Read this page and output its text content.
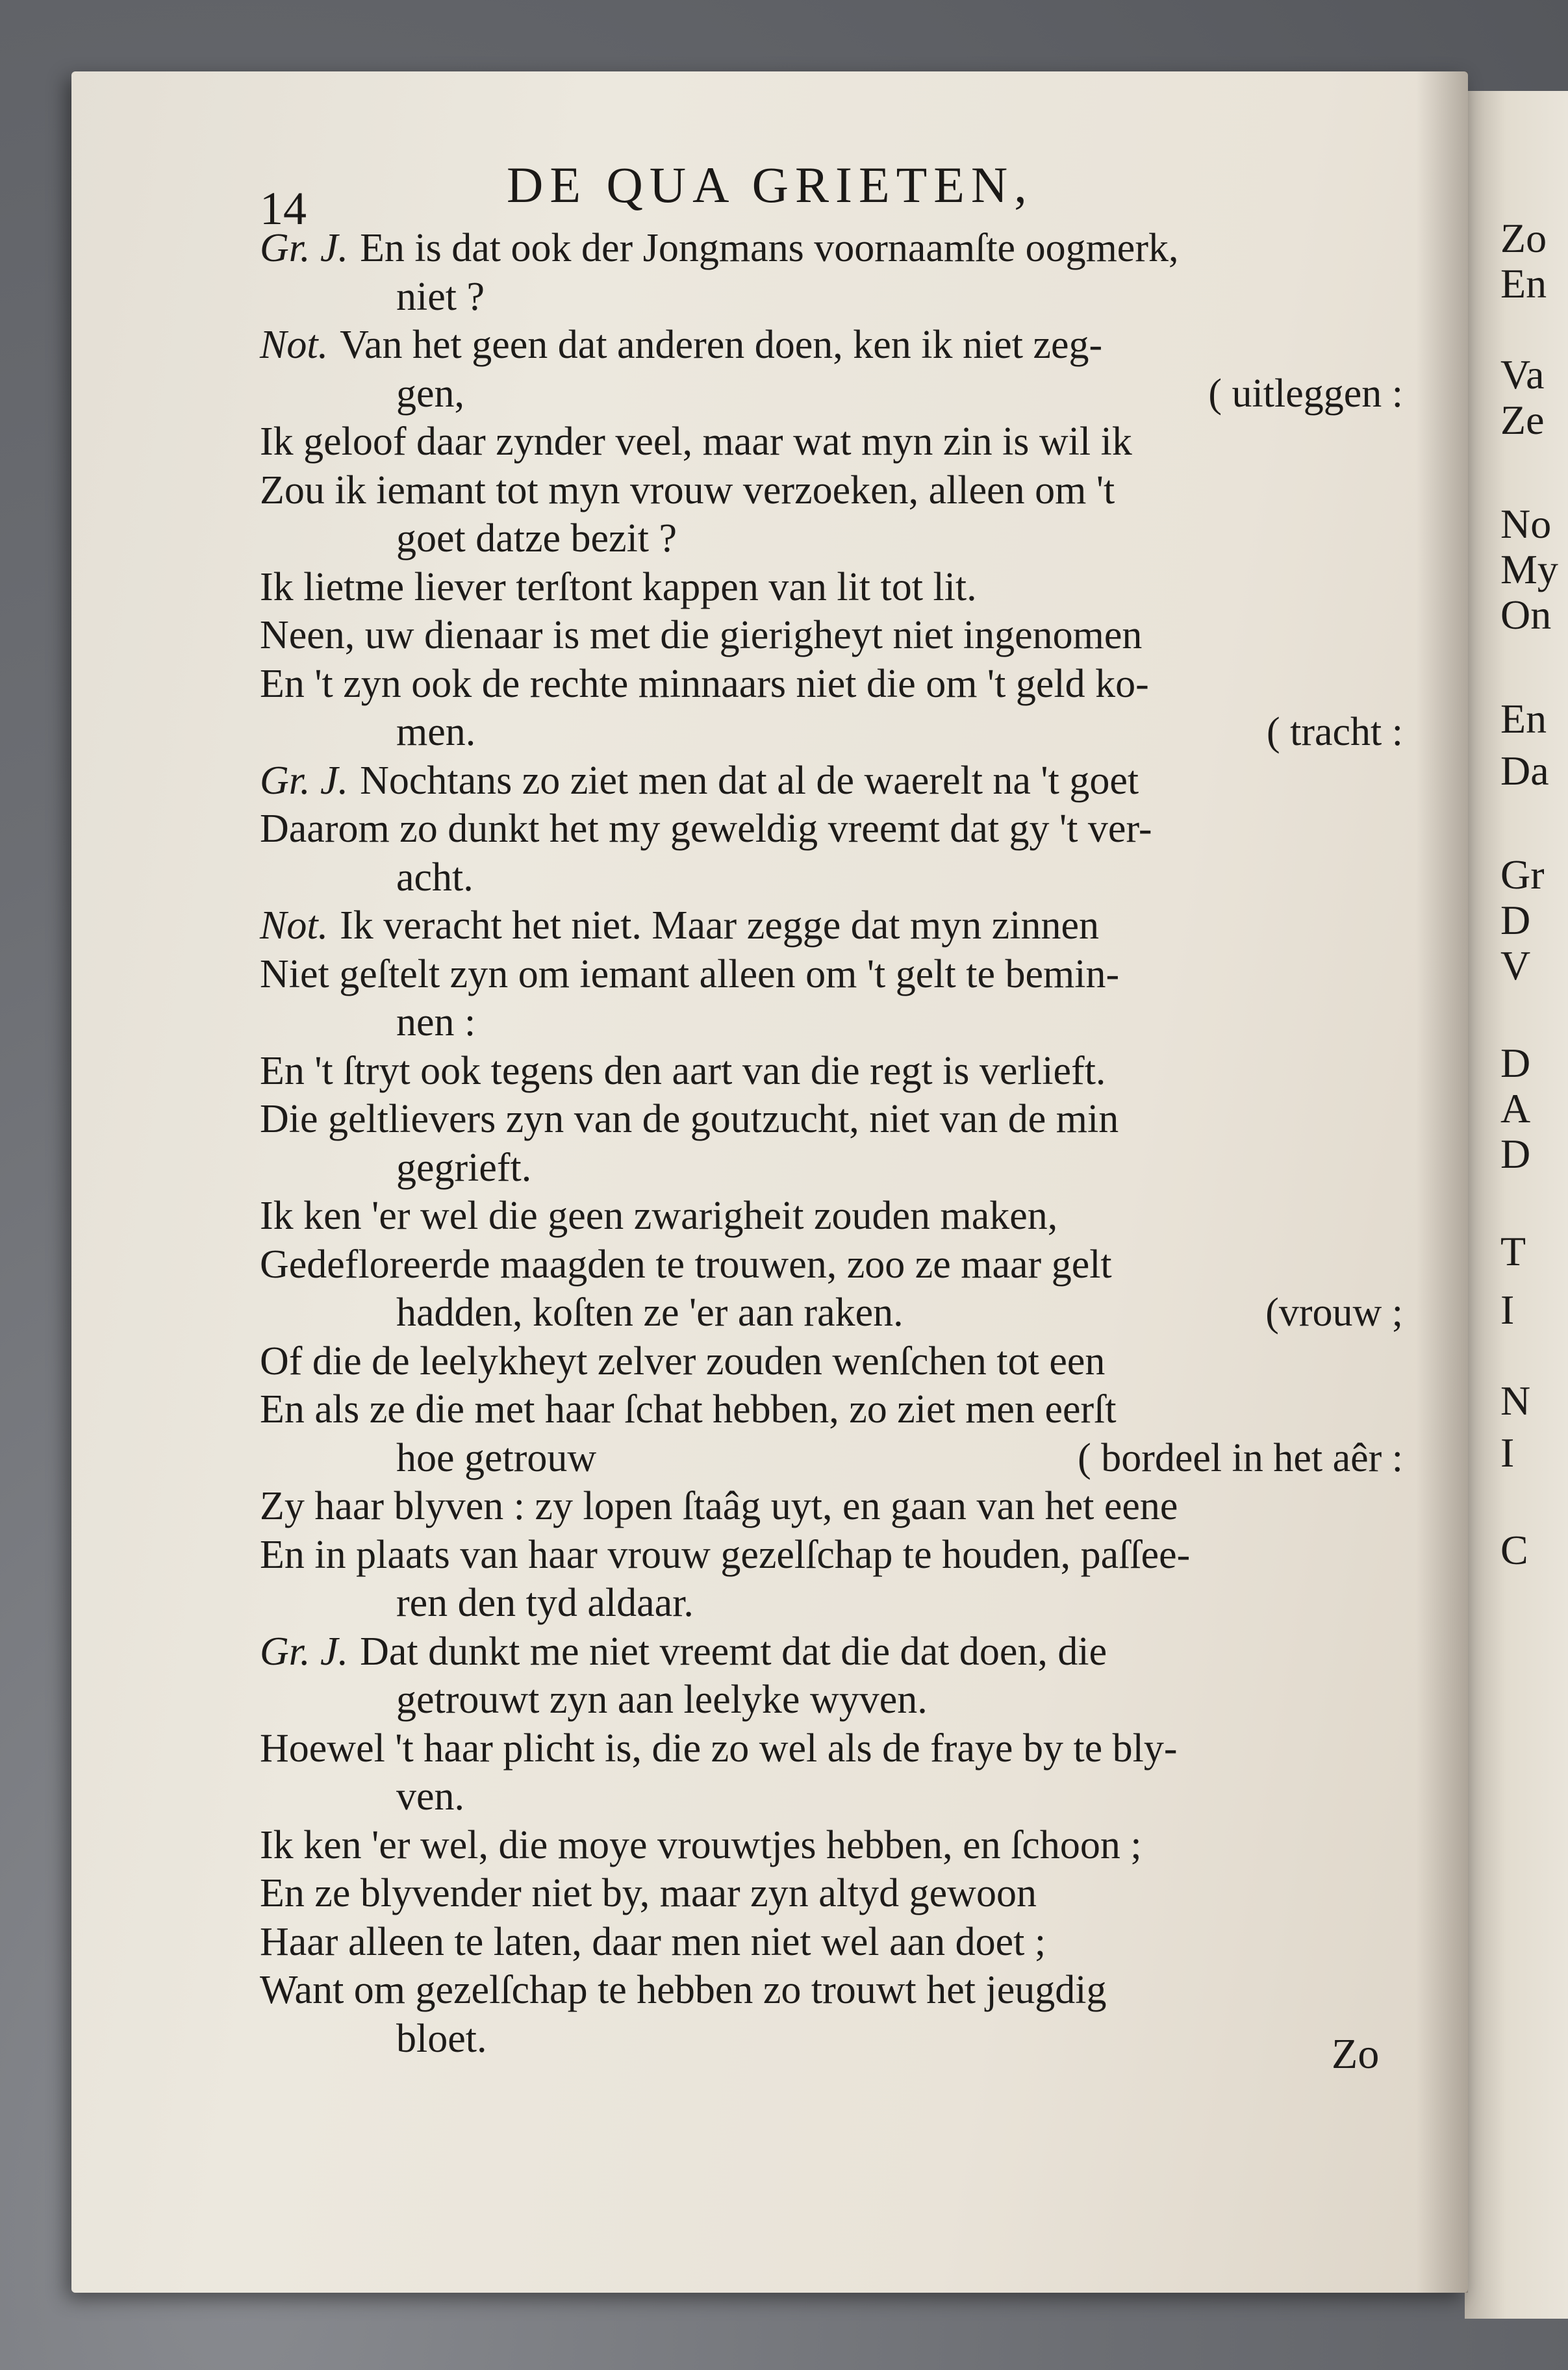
14	DE QUA GRIETEN,
Gr. J. En is dat ook der Jongmans voornaamſte oogmerk,
niet ?
Not. Van het geen dat anderen doen, ken ik niet zeg-
gen,	( uitleggen :
Ik geloof daar zynder veel, maar wat myn zin is wil ik
Zou ik iemant tot myn vrouw verzoeken, alleen om 't
goet datze bezit ?
Ik lietme liever terſtont kappen van lit tot lit.
Neen, uw dienaar is met die gierigheyt niet ingenomen
En 't zyn ook de rechte minnaars niet die om 't geld ko-
men.	( tracht :
Gr. J. Nochtans zo ziet men dat al de waerelt na 't goet
Daarom zo dunkt het my geweldig vreemt dat gy 't ver-
acht.
Not. Ik veracht het niet. Maar zegge dat myn zinnen
Niet geſtelt zyn om iemant alleen om 't gelt te bemin-
nen :
En 't ſtryt ook tegens den aart van die regt is verlieft.
Die geltlievers zyn van de goutzucht, niet van de min
gegrieft.
Ik ken 'er wel die geen zwarigheit zouden maken,
Gedefloreerde maagden te trouwen, zoo ze maar gelt
hadden, koſten ze 'er aan raken.	(vrouw ;
Of die de leelykheyt zelver zouden wenſchen tot een
En als ze die met haar ſchat hebben, zo ziet men eerſt
hoe getrouw	( bordeel in het aêr :
Zy haar blyven : zy lopen ſtaâg uyt, en gaan van het eene
En in plaats van haar vrouw gezelſchap te houden, paſſee-
ren den tyd aldaar.
Gr. J. Dat dunkt me niet vreemt dat die dat doen, die
getrouwt zyn aan leelyke wyven.
Hoewel 't haar plicht is, die zo wel als de fraye by te bly-
ven.
Ik ken 'er wel, die moye vrouwtjes hebben, en ſchoon ;
En ze blyvender niet by, maar zyn altyd gewoon
Haar alleen te laten, daar men niet wel aan doet ;
Want om gezelſchap te hebben zo trouwt het jeugdig
bloet.	Zo
Zo
En
Va
Ze
No
My
On
En
Da
Gr
D
V
D
A
D
T
I
N
I
C
